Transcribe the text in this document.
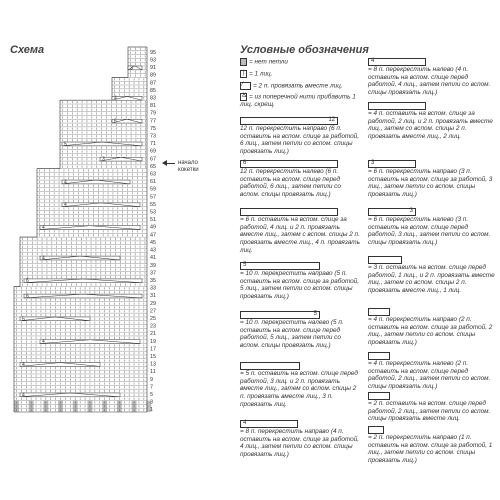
Схема	Условные обозначения
4
4
4
5
6
6
4
4
4
4
3
5
6
4
3
95
93
91
89
87
85
83
81
79
77
75
73
71
69
67
65
63
61
59
57
55
53
51
49
47
45
43
41
39
37
35
33
31
29
27
25
23
21
19
17
15
13
11
9
7
5
3
1
начало
кокетки
= нет петли
| = 1 лиц.
⁄ = 2 п. провязать вместе лиц.
Ճ = из поперечной нити прибавить 1 лиц. скрещ.

12

12 п. перекрестить направо (6 п. оставить на вспом. спице за работой, 6 лиц., затем петли со вспом. спицы провязать лиц.)

6

12 п. перекрестить налево (6 п. оставить на вспом. спице перед работой, 6 лиц., затем петли со вспом. спицы провязать лиц.)

= 6 п. оставить на вспом. спице за работой, 4 лиц. и 2 п. провязать вместе лиц., затем с вспом. спицы 2 п. провязать вместе лиц., 4 п. провязать лиц.

5

= 10 п. перекрестить направо (5 п. оставить на вспом. спице за работой, 5 лиц., затем петли со вспом. спицы провязать лиц.)

5

= 10 п. перекрестить налево (5 п. оставить на вспом. спице перед работой, 5 лиц., затем петли со вспом. спицы провязать лиц.)

= 5 п. оставить на вспом. спице перед работой, 3 лиц. и 2 п. провязать вместе лиц., затем со вспом. спицы 2 п. провязать вместе лиц., 3 п. провязать лиц.

4

= 8 п. перекрестить направо (4 п. оставить на вспом. спице за работой, 4 лиц., затем петли со вспом. спицы провязать лиц.)

4

= 8 п. перекрестить налево (4 п. оставить на вспом. спице перед работой, 4 лиц., затем петли со вспом. спицы провязать лиц.)

= 4 п. оставить на вспом. спице за работой, 2 лиц. и 2 п. провязать вместе лиц., затем со вспом. спицы 2 п. провязать вместе лиц., 2 лиц.

3

= 6 п. перекрестить направо (3 п. оставить на вспом. спице за работой, 3 лиц., затем петли со вспом. спицы провязать лиц.)

3

= 6 п. перекрестить налево (3 п. оставить на вспом. спице перед работой, 3 лиц., затем петли со вспом. спицы провязать лиц.)

= 3 п. оставить на вспом. спице перед работой, 1 лиц., и 2 п. провязать вместе лиц., затем со вспом. спицы 2 п. провязать вместе лиц., 1 лиц.

= 4 п. перекрестить направо (2 п. оставить на вспом. спице за работой, 2 лиц., затем петли со вспом. спицы провязать лиц.)

= 4 п. перекрестить налево (2 п. оставить на вспом. спице перед работой, 2 лиц., затем петли со вспом. спицы провязать лиц.)

= 2 п. оставить на вспом. спице перед работой, 2 лиц., затем петли со вспом. спицы провязать вместе лиц.

= 2 п. перекрестить направо (1 п. оставить на вспом. спице за работой, 1 лиц., затем петли со вспом. спицы провязать лиц.)
